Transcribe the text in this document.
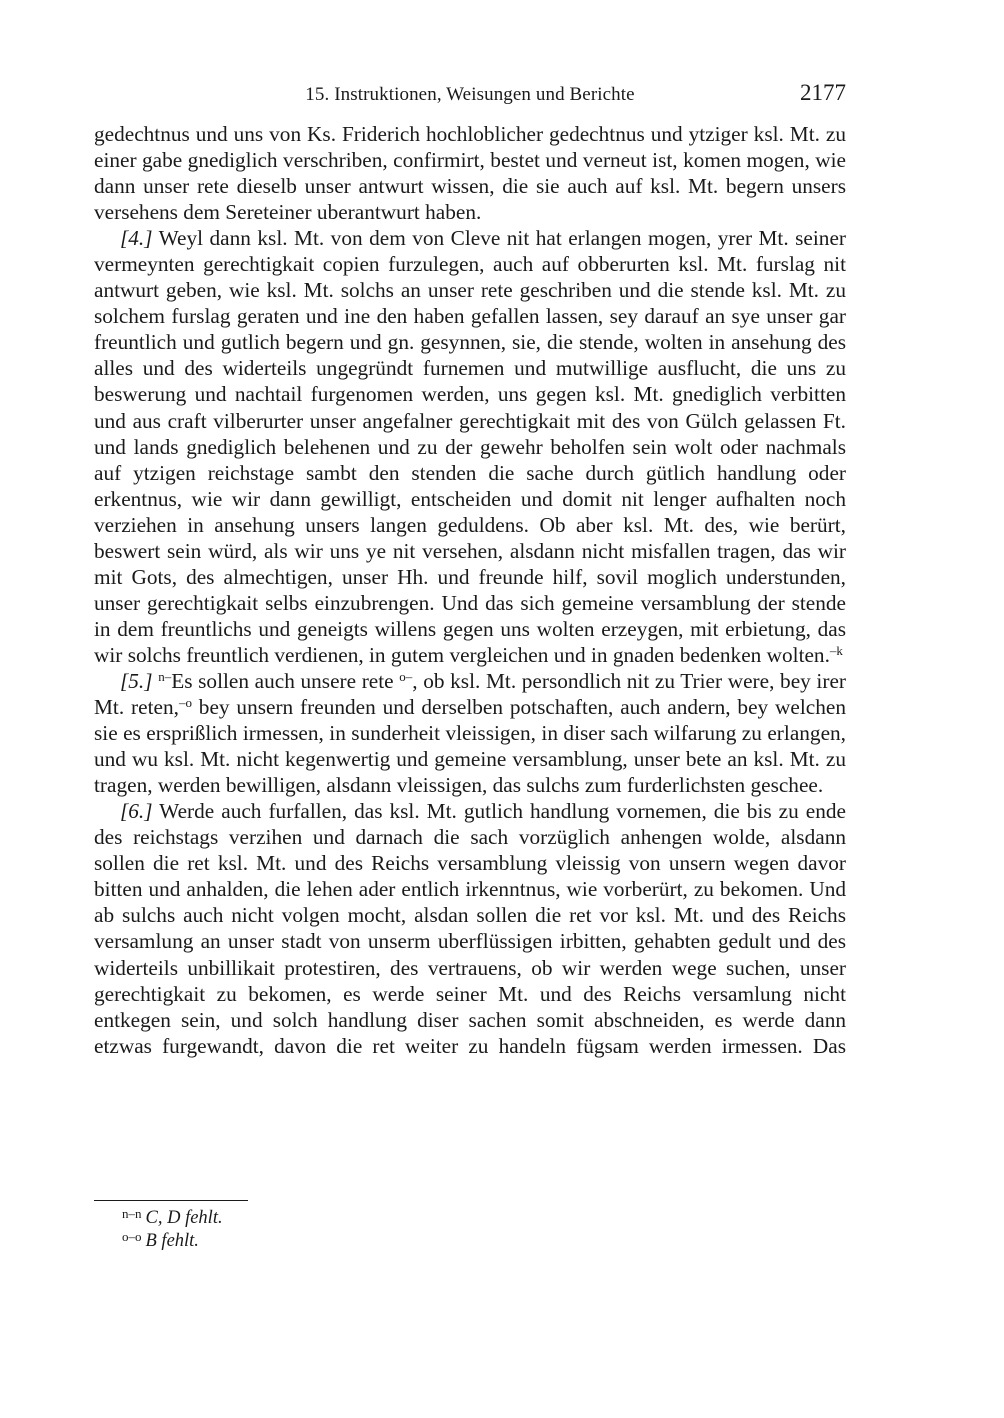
15. Instruktionen, Weisungen und Berichte	2177

gedechtnus und uns von Ks. Friderich hochloblicher gedechtnus und ytziger ksl. Mt. zu einer gabe gnediglich verschriben, confirmirt, bestet und verneut ist, komen mogen, wie dann unser rete dieselb unser antwurt wissen, die sie auch auf ksl. Mt. begern unsers versehens dem Sereteiner uberantwurt haben.

[4.] Weyl dann ksl. Mt. von dem von Cleve nit hat erlangen mogen, yrer Mt. seiner vermeynten gerechtigkait copien furzulegen, auch auf obberurten ksl. Mt. furslag nit antwurt geben, wie ksl. Mt. solchs an unser rete geschriben und die stende ksl. Mt. zu solchem furslag geraten und ine den haben gefallen lassen, sey darauf an sye unser gar freuntlich und gutlich begern und gn. gesynnen, sie, die stende, wolten in ansehung des alles und des widerteils ungegründt furnemen und mutwillige ausflucht, die uns zu beswerung und nachtail furgenomen werden, uns gegen ksl. Mt. gnediglich verbitten und aus craft vilberurter unser angefalner gerechtigkait mit des von Gülch gelassen Ft. und lands gnediglich belehenen und zu der gewehr beholfen sein wolt oder nachmals auf ytzigen reichstage sambt den stenden die sache durch gütlich handlung oder erkentnus, wie wir dann gewilligt, entscheiden und domit nit lenger aufhalten noch verziehen in ansehung unsers langen geduldens. Ob aber ksl. Mt. des, wie berürt, beswert sein würd, als wir uns ye nit versehen, alsdann nicht misfallen tragen, das wir mit Gots, des almechtigen, unser Hh. und freunde hilf, sovil moglich understunden, unser gerechtigkait selbs einzubrengen. Und das sich gemeine versamblung der stende in dem freuntlichs und geneigts willens gegen uns wolten erzeygen, mit erbietung, das wir solchs freuntlich verdienen, in gutem vergleichen und in gnaden bedenken wolten.$^{-k}$

[5.] $^{n-}$Es sollen auch unsere rete $^{o-}$, ob ksl. Mt. persondlich nit zu Trier were, bey irer Mt. reten,$^{-o}$ bey unsern freunden und derselben potschaften, auch andern, bey welchen sie es ersprißlich irmessen, in sunderheit vleissigen, in diser sach wilfarung zu erlangen, und wu ksl. Mt. nicht kegenwertig und gemeine versamblung, unser bete an ksl. Mt. zu tragen, werden bewilligen, alsdann vleissigen, das sulchs zum furderlichsten geschee.

[6.] Werde auch furfallen, das ksl. Mt. gutlich handlung vornemen, die bis zu ende des reichstags verzihen und darnach die sach vorzüglich anhengen wolde, alsdann sollen die ret ksl. Mt. und des Reichs versamblung vleissig von unsern wegen davor bitten und anhalden, die lehen ader entlich irkenntnus, wie vorberürt, zu bekomen. Und ab sulchs auch nicht volgen mocht, alsdan sollen die ret vor ksl. Mt. und des Reichs versamlung an unser stadt von unserm uberflüssigen irbitten, gehabten gedult und des widerteils unbillikait protestiren, des vertrauens, ob wir werden wege suchen, unser gerechtigkait zu bekomen, es werde seiner Mt. und des Reichs versamlung nicht entkegen sein, und solch handlung diser sachen somit abschneiden, es werde dann etzwas furgewandt, davon die ret weiter zu handeln fügsam werden irmessen. Das

$^{n-n}$ C, D fehlt.
$^{o-o}$ B fehlt.
